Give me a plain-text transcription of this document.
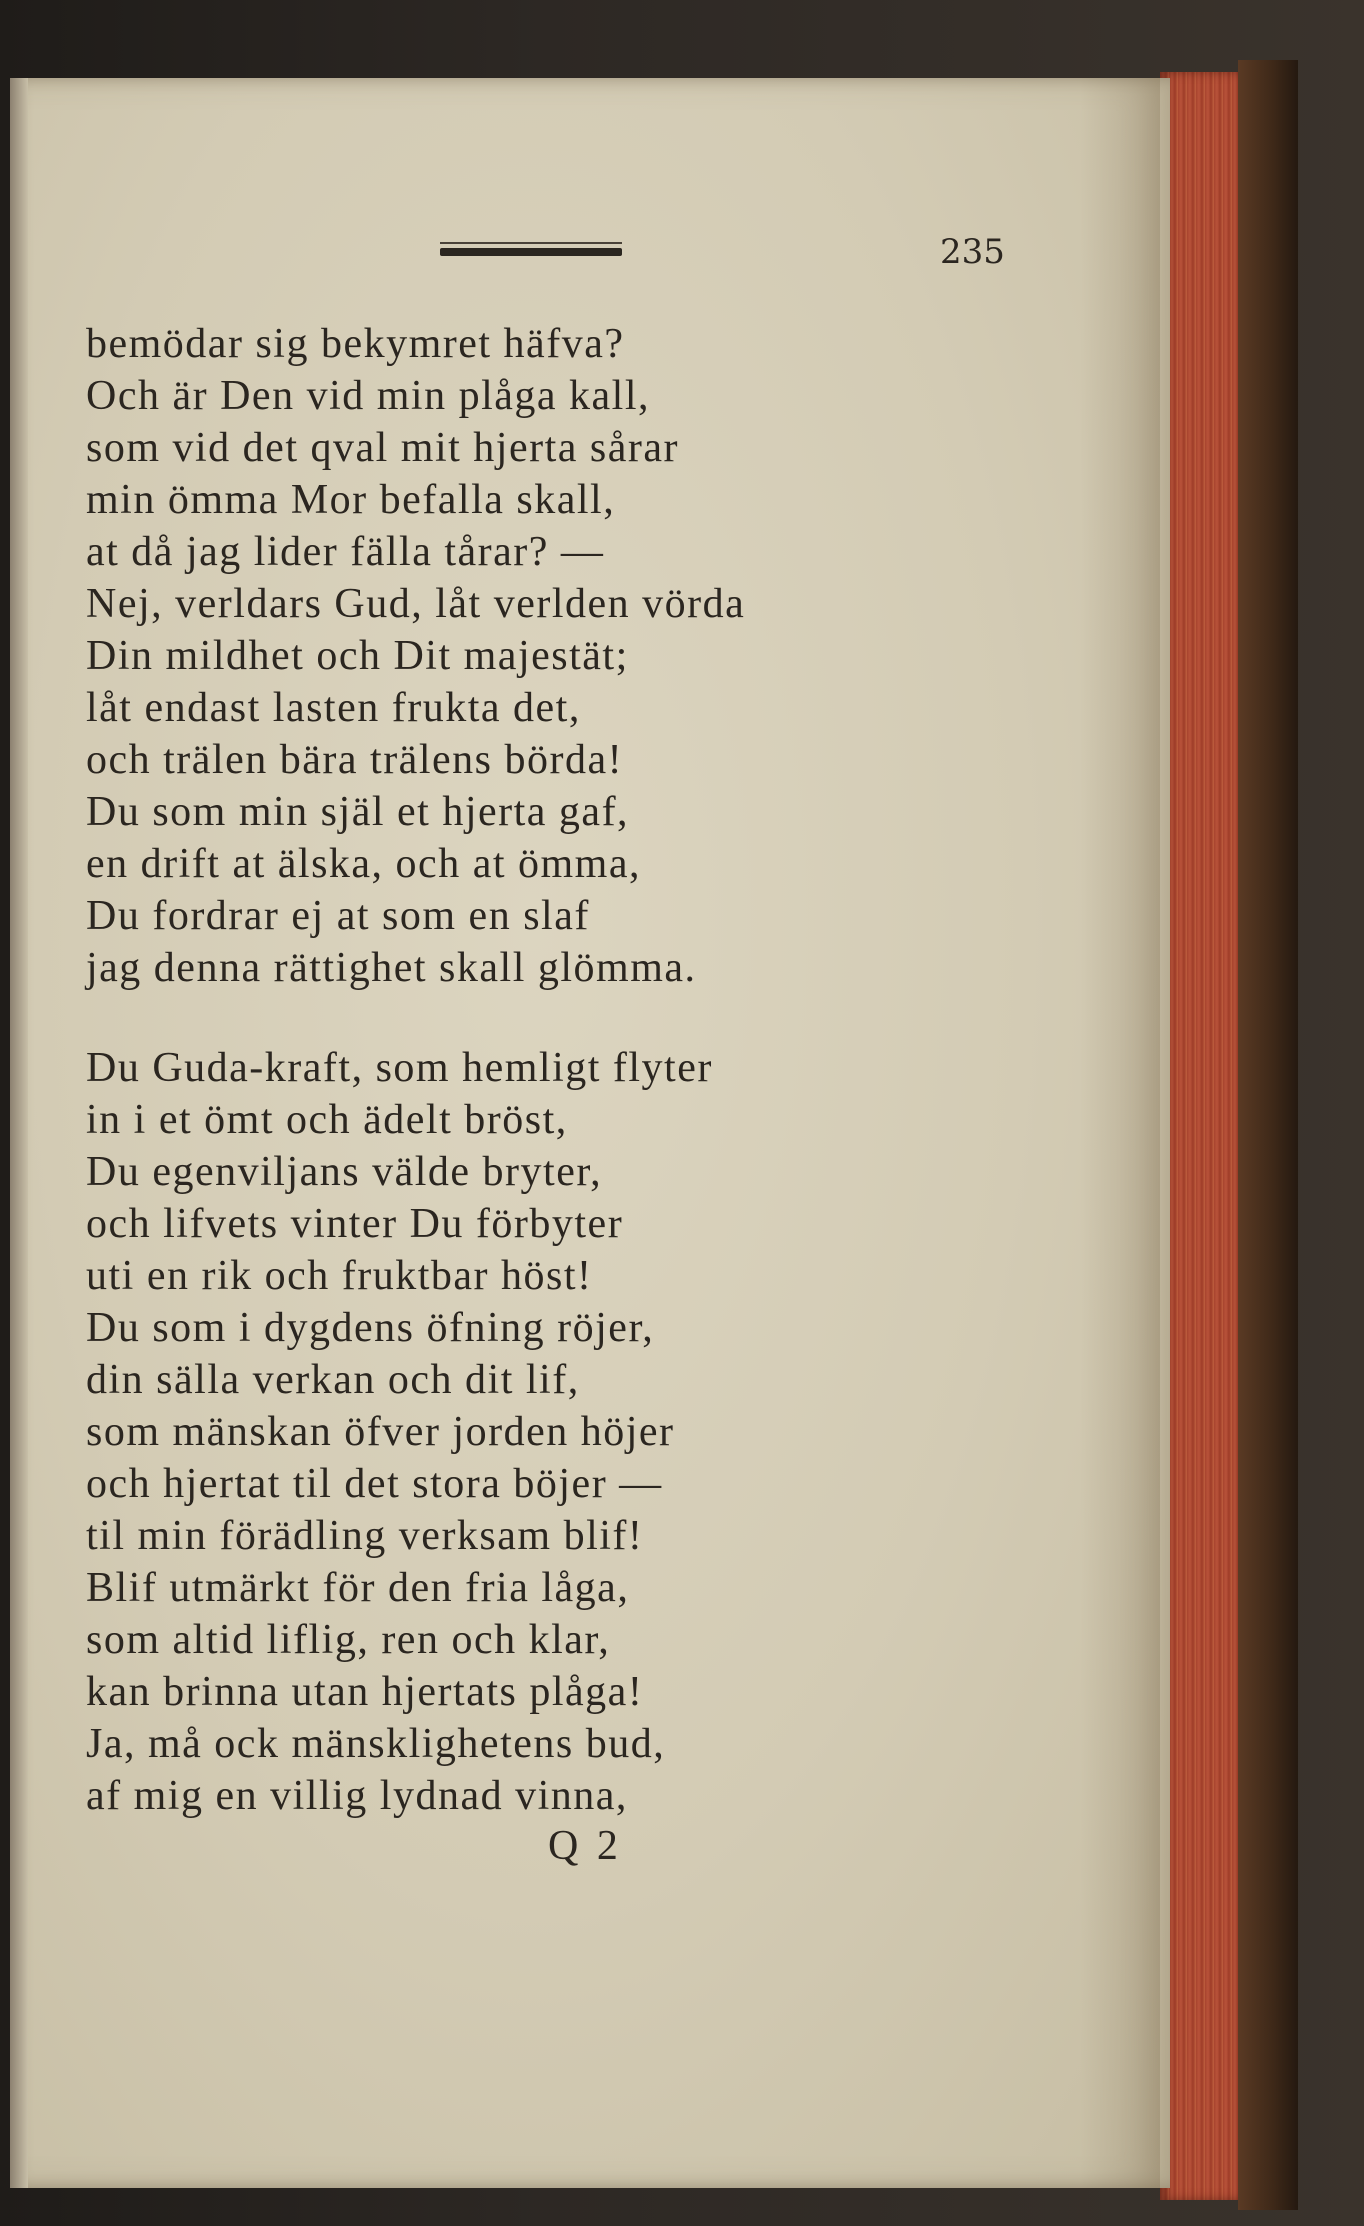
235
bemödar sig bekymret häfva?
Och är Den vid min plåga kall,
som vid det qval mit hjerta sårar
min ömma Mor befalla skall,
at då jag lider fälla tårar? —
Nej, verldars Gud, låt verlden vörda
Din mildhet och Dit majestät;
låt endast lasten frukta det,
och trälen bära trälens börda!
Du som min själ et hjerta gaf,
en drift at älska, och at ömma,
Du fordrar ej at som en slaf
jag denna rättighet skall glömma.
Du Guda-kraft, som hemligt flyter
in i et ömt och ädelt bröst,
Du egenviljans välde bryter,
och lifvets vinter Du förbyter
uti en rik och fruktbar höst!
Du som i dygdens öfning röjer,
din sälla verkan och dit lif,
som mänskan öfver jorden höjer
och hjertat til det stora böjer —
til min förädling verksam blif!
Blif utmärkt för den fria låga,
som altid liflig, ren och klar,
kan brinna utan hjertats plåga!
Ja, må ock mänsklighetens bud,
af mig en villig lydnad vinna,
Q 2
